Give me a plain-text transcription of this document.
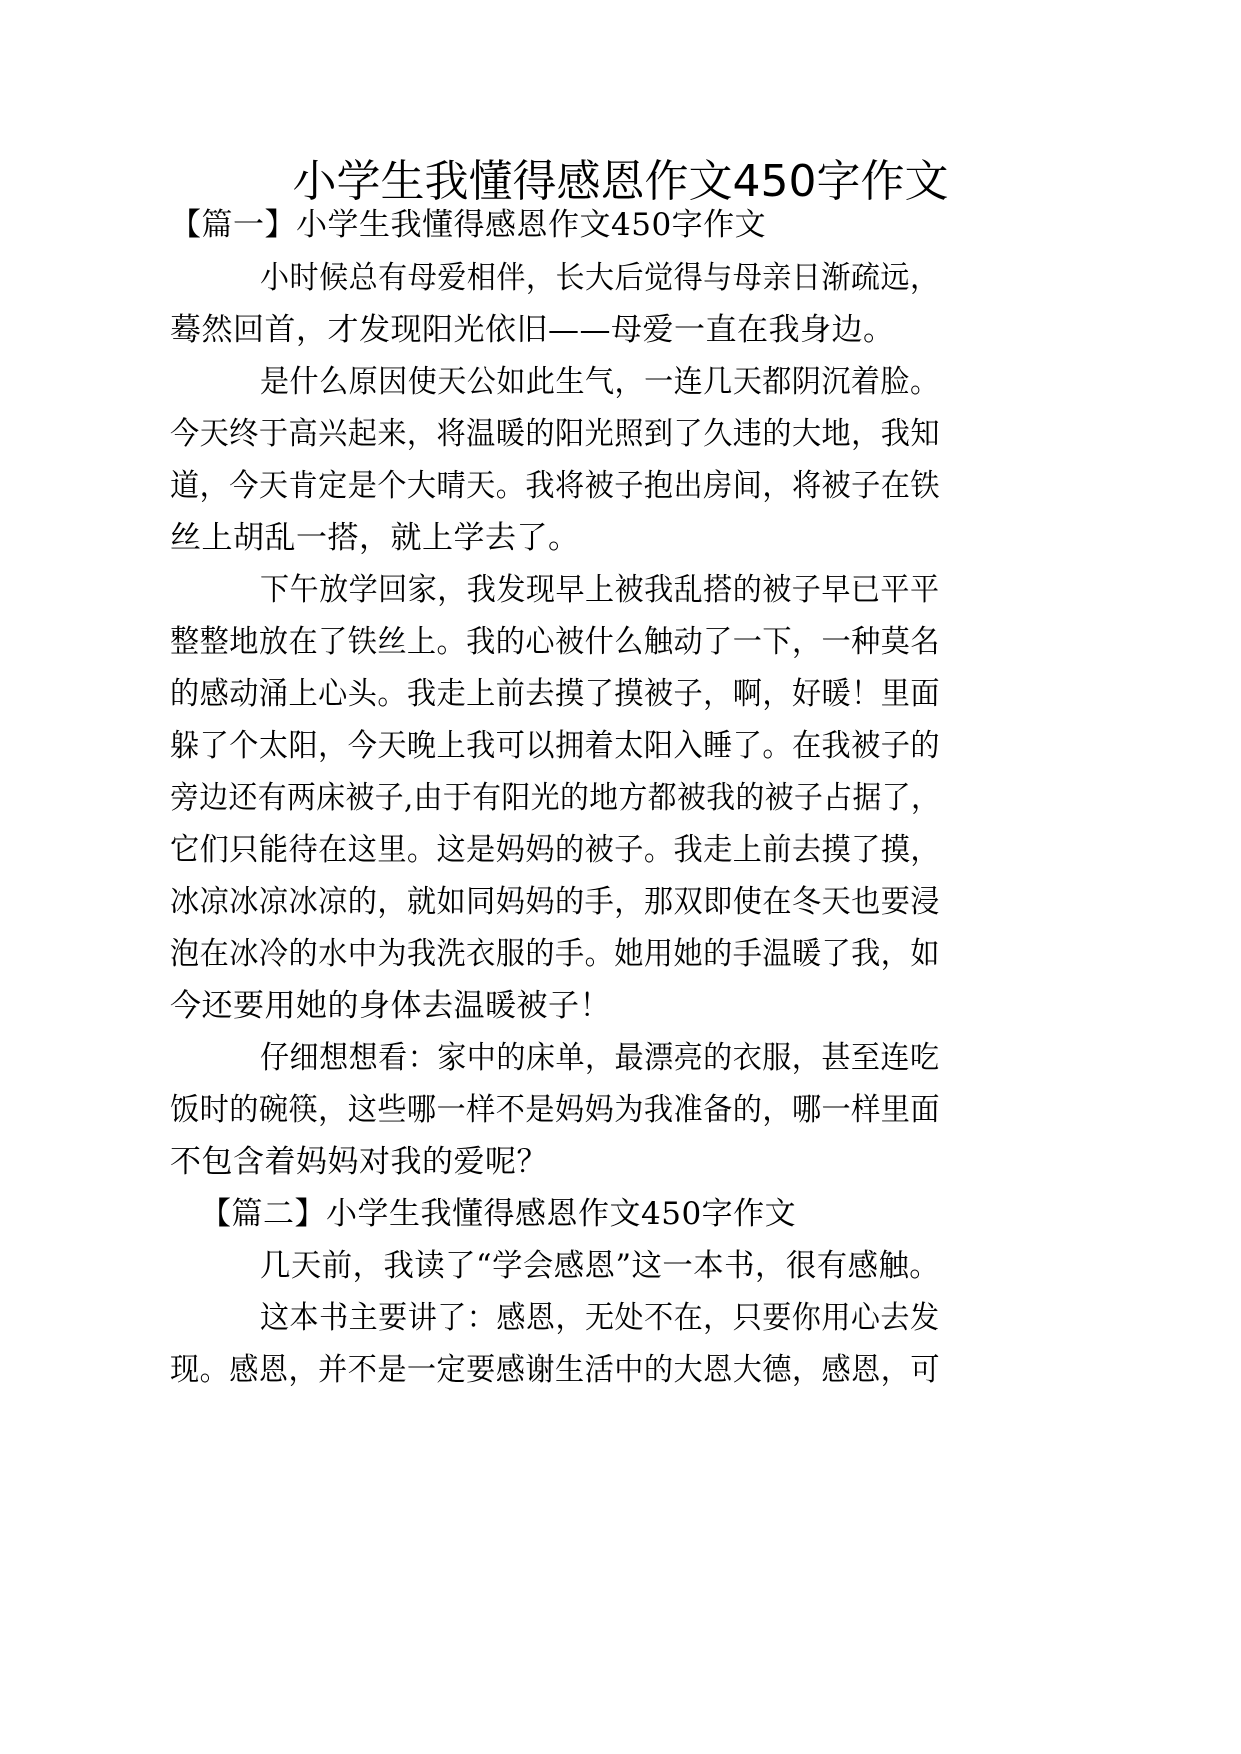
小学生我懂得感恩作文450字作文
【篇一】小学生我懂得感恩作文450字作文
小时候总有母爱相伴，长大后觉得与母亲日渐疏远，
蓦然回首，才发现阳光依旧——母爱一直在我身边。
是什么原因使天公如此生气，一连几天都阴沉着脸。
今天终于高兴起来，将温暖的阳光照到了久违的大地，我知
道，今天肯定是个大晴天。我将被子抱出房间，将被子在铁
丝上胡乱一搭，就上学去了。
下午放学回家，我发现早上被我乱搭的被子早已平平
整整地放在了铁丝上。我的心被什么触动了一下，一种莫名
的感动涌上心头。我走上前去摸了摸被子，啊，好暖！里面
躲了个太阳，今天晚上我可以拥着太阳入睡了。在我被子的
旁边还有两床被子,由于有阳光的地方都被我的被子占据了，
它们只能待在这里。这是妈妈的被子。我走上前去摸了摸，
冰凉冰凉冰凉的，就如同妈妈的手，那双即使在冬天也要浸
泡在冰冷的水中为我洗衣服的手。她用她的手温暖了我，如
今还要用她的身体去温暖被子！
仔细想想看：家中的床单，最漂亮的衣服，甚至连吃
饭时的碗筷，这些哪一样不是妈妈为我准备的，哪一样里面
不包含着妈妈对我的爱呢？
【篇二】小学生我懂得感恩作文450字作文
几天前，我读了“学会感恩”这一本书，很有感触。
这本书主要讲了：感恩，无处不在，只要你用心去发
现。感恩，并不是一定要感谢生活中的大恩大德，感恩，可
